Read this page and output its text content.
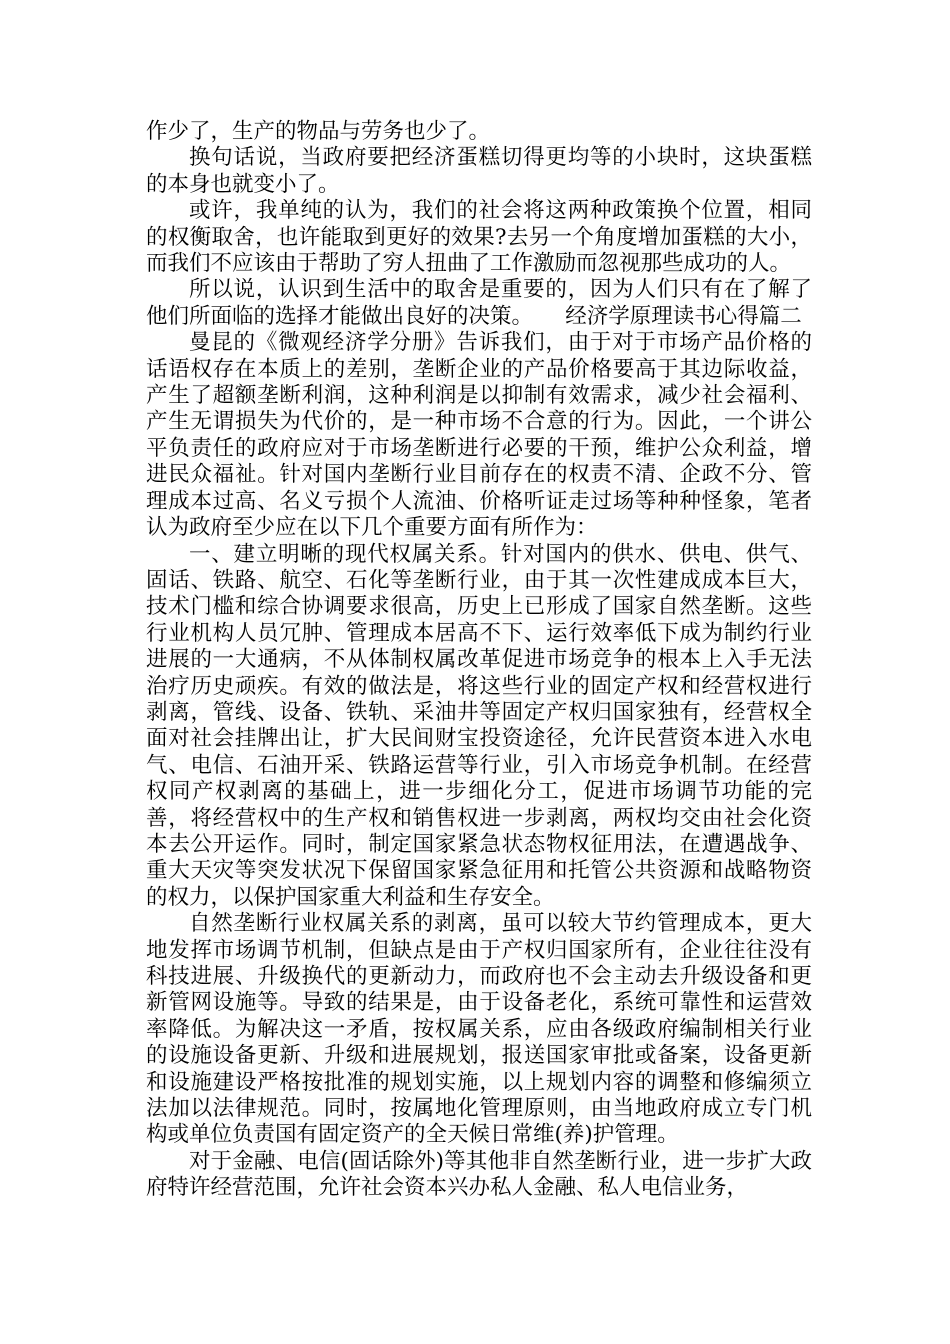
作少了，生产的物品与劳务也少了。

换句话说，当政府要把经济蛋糕切得更均等的小块时，这块蛋糕的本身也就变小了。

或许，我单纯的认为，我们的社会将这两种政策换个位置，相同的权衡取舍，也许能取到更好的效果?去另一个角度增加蛋糕的大小，而我们不应该由于帮助了穷人扭曲了工作激励而忽视那些成功的人。

所以说，认识到生活中的取舍是重要的，因为人们只有在了解了他们所面临的选择才能做出良好的决策。　　经济学原理读书心得篇二

曼昆的《微观经济学分册》告诉我们，由于对于市场产品价格的话语权存在本质上的差别，垄断企业的产品价格要高于其边际收益，产生了超额垄断利润，这种利润是以抑制有效需求，减少社会福利、产生无谓损失为代价的，是一种市场不合意的行为。因此，一个讲公平负责任的政府应对于市场垄断进行必要的干预，维护公众利益，增进民众福祉。针对国内垄断行业目前存在的权责不清、企政不分、管理成本过高、名义亏损个人流油、价格听证走过场等种种怪象，笔者认为政府至少应在以下几个重要方面有所作为：

一、建立明晰的现代权属关系。针对国内的供水、供电、供气、固话、铁路、航空、石化等垄断行业，由于其一次性建成成本巨大，技术门槛和综合协调要求很高，历史上已形成了国家自然垄断。这些行业机构人员冗肿、管理成本居高不下、运行效率低下成为制约行业进展的一大通病，不从体制权属改革促进市场竞争的根本上入手无法治疗历史顽疾。有效的做法是，将这些行业的固定产权和经营权进行剥离，管线、设备、铁轨、采油井等固定产权归国家独有，经营权全面对社会挂牌出让，扩大民间财宝投资途径，允许民营资本进入水电气、电信、石油开采、铁路运营等行业，引入市场竞争机制。在经营权同产权剥离的基础上，进一步细化分工，促进市场调节功能的完善，将经营权中的生产权和销售权进一步剥离，两权均交由社会化资本去公开运作。同时，制定国家紧急状态物权征用法，在遭遇战争、重大天灾等突发状况下保留国家紧急征用和托管公共资源和战略物资的权力，以保护国家重大利益和生存安全。

自然垄断行业权属关系的剥离，虽可以较大节约管理成本，更大地发挥市场调节机制，但缺点是由于产权归国家所有，企业往往没有科技进展、升级换代的更新动力，而政府也不会主动去升级设备和更新管网设施等。导致的结果是，由于设备老化，系统可靠性和运营效率降低。为解决这一矛盾，按权属关系，应由各级政府编制相关行业的设施设备更新、升级和进展规划，报送国家审批或备案，设备更新和设施建设严格按批准的规划实施，以上规划内容的调整和修编须立法加以法律规范。同时，按属地化管理原则，由当地政府成立专门机构或单位负责国有固定资产的全天候日常维(养)护管理。

对于金融、电信(固话除外)等其他非自然垄断行业，进一步扩大政府特许经营范围，允许社会资本兴办私人金融、私人电信业务，
